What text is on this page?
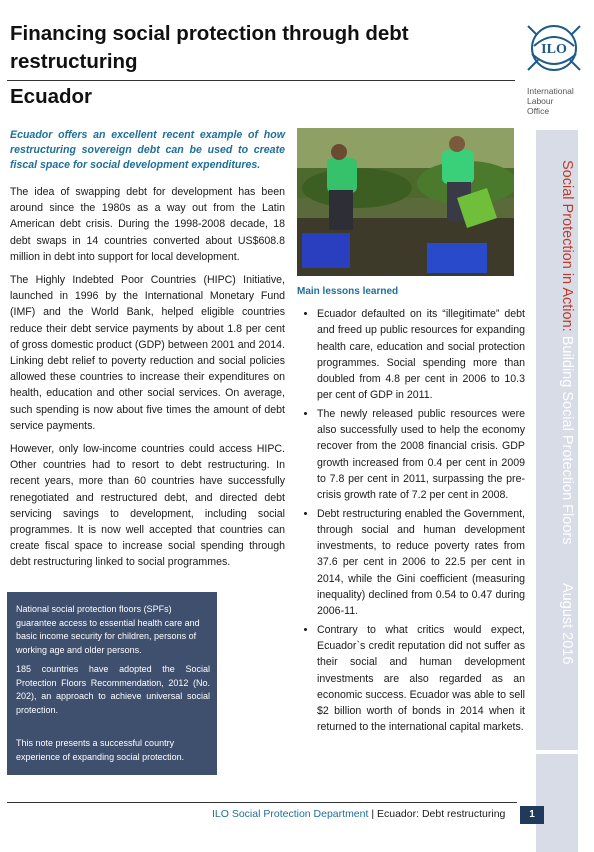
Financing social protection through debt restructuring
Ecuador
ILO
International
Labour
Office
Ecuador offers an excellent recent example of how restructuring sovereign debt can be used to create fiscal space for social development expenditures.

The idea of swapping debt for development has been around since the 1980s as a way out from the Latin American debt crisis. During the 1998-2008 decade, 18 debt swaps in 14 countries converted about US$608.8 million in debt into support for local development.

The Highly Indebted Poor Countries (HIPC) Initiative, launched in 1996 by the International Monetary Fund (IMF) and the World Bank, helped eligible countries reduce their debt service payments by about 1.8 per cent of gross domestic product (GDP) between 2001 and 2014. Linking debt relief to poverty reduction and social policies allowed these countries to increase their expenditures on health, education and other social services. On average, such spending is now about five times the amount of debt service payments.

However, only low-income countries could access HIPC. Other countries had to resort to debt restructuring. In recent years, more than 60 countries have successfully renegotiated and restructured debt, and directed debt servicing savings to development, including social programmes. It is now well accepted that countries can create fiscal space to increase social spending through debt restructuring linked to social programmes.

Main lessons learned
• Ecuador defaulted on its “illegitimate” debt and freed up public resources for expanding health care, education and social protection programmes. Social spending more than doubled from 4.8 per cent in 2006 to 10.3 per cent of GDP in 2011.
• The newly released public resources were also successfully used to help the economy recover from the 2008 financial crisis. GDP growth increased from 0.4 per cent in 2009 to 7.8 per cent in 2011, surpassing the pre-crisis growth rate of 7.2 per cent in 2008.
• Debt restructuring enabled the Government, through social and human development investments, to reduce poverty rates from 37.6 per cent in 2006 to 22.5 per cent in 2014, while the Gini coefficient (measuring inequality) declined from 0.54 to 0.47 during 2006-11.
• Contrary to what critics would expect, Ecuador`s credit reputation did not suffer as their social and human development investments are also regarded as an economic success. Ecuador was able to sell $2 billion worth of bonds in 2014 when it returned to the international capital markets.

National social protection floors (SPFs) guarantee access to essential health care and basic income security for children, persons of working age and older persons.

185 countries have adopted the Social Protection Floors Recommendation, 2012 (No. 202), an approach to achieve universal social protection.

This note presents a successful country experience of expanding social protection.

Social Protection in Action: Building Social Protection Floors August 2016
ILO Social Protection Department | Ecuador: Debt restructuring	1
